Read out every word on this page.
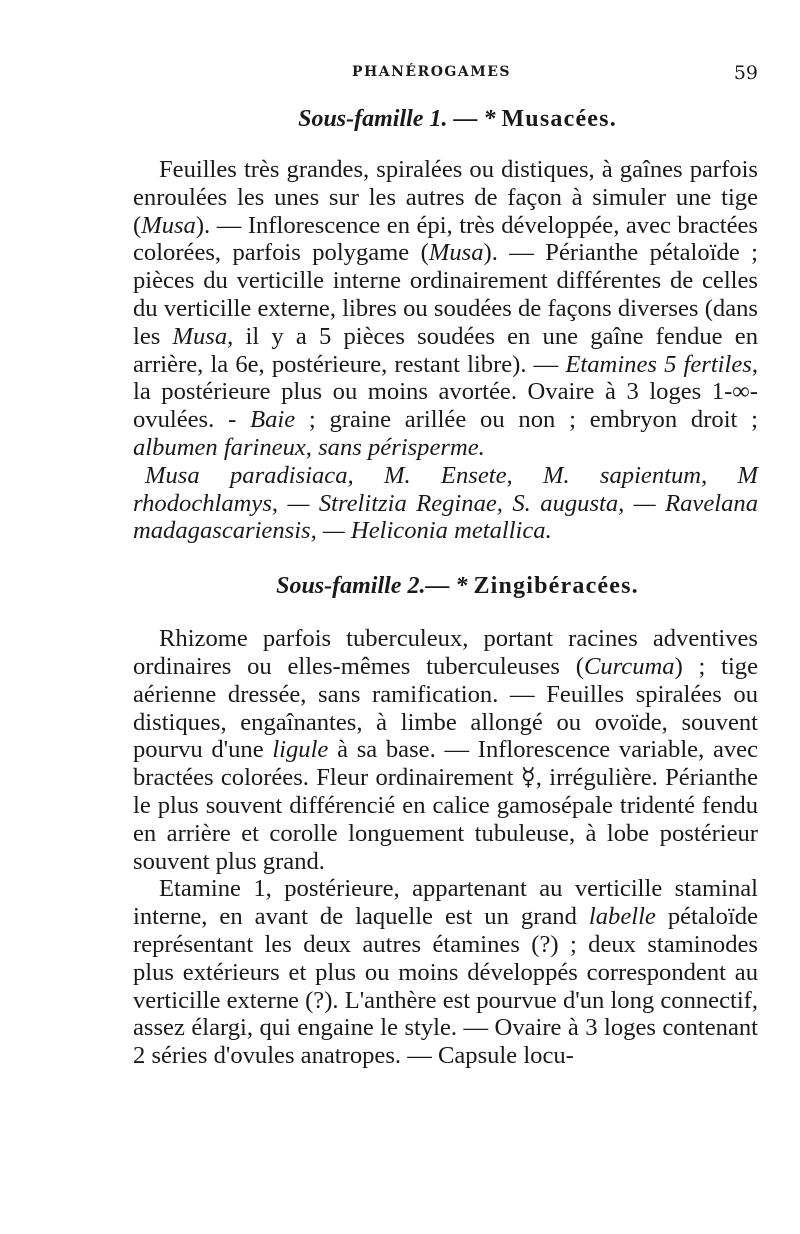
PHANÉROGAMES	59
Sous-famille 1. — * Musacées.

Feuilles très grandes, spiralées ou distiques, à gaînes parfois enroulées les unes sur les autres de façon à simuler une tige (Musa). — Inflorescence en épi, très développée, avec bractées colorées, parfois polygame (Musa). — Périanthe pétaloïde ; pièces du verticille interne ordinairement différentes de celles du verticille externe, libres ou soudées de façons diverses (dans les Musa, il y a 5 pièces soudées en une gaîne fendue en arrière, la 6e, postérieure, restant libre). — Etamines 5 fertiles, la postérieure plus ou moins avortée. Ovaire à 3 loges 1-∞-ovulées. - Baie ; graine arillée ou non ; embryon droit ; albumen farineux, sans périsperme.

Musa paradisiaca, M. Ensete, M. sapientum, M rhodochlamys, — Strelitzia Reginae, S. augusta, — Ravelana madagascariensis, — Heliconia metallica.

Sous-famille 2.— * Zingibéracées.

Rhizome parfois tuberculeux, portant racines adventives ordinaires ou elles-mêmes tuberculeuses (Curcuma) ; tige aérienne dressée, sans ramification. — Feuilles spiralées ou distiques, engaînantes, à limbe allongé ou ovoïde, souvent pourvu d'une ligule à sa base. — Inflorescence variable, avec bractées colorées. Fleur ordinairement ☿, irrégulière. Périanthe le plus souvent différencié en calice gamosépale tridenté fendu en arrière et corolle longuement tubuleuse, à lobe postérieur souvent plus grand.

Etamine 1, postérieure, appartenant au verticille staminal interne, en avant de laquelle est un grand labelle pétaloïde représentant les deux autres étamines (?) ; deux staminodes plus extérieurs et plus ou moins développés correspondent au verticille externe (?). L'anthère est pourvue d'un long connectif, assez élargi, qui engaine le style. — Ovaire à 3 loges contenant 2 séries d'ovules anatropes. — Capsule locu-
